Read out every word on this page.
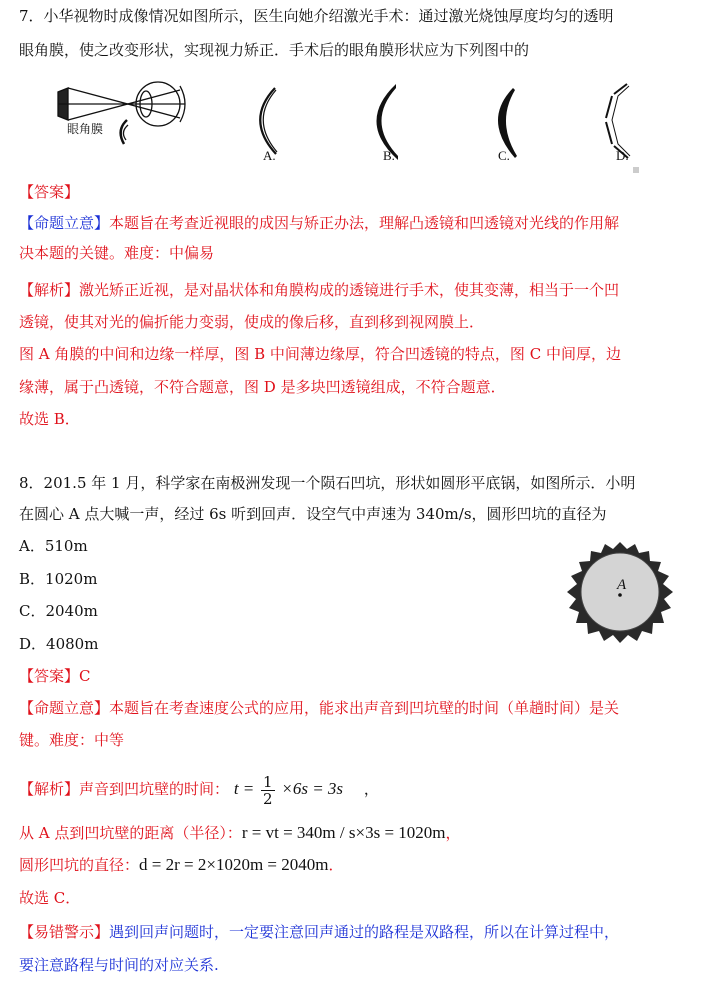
7．小华视物时成像情况如图所示，医生向她介绍激光手术：通过激光烧蚀厚度均匀的透明
眼角膜，使之改变形状，实现视力矫正．手术后的眼角膜形状应为下列图中的
眼角膜
A.	B.	C.	D.
【答案】
【命题立意】本题旨在考查近视眼的成因与矫正办法，理解凸透镜和凹透镜对光线的作用解
决本题的关键。难度：中偏易
【解析】激光矫正近视，是对晶状体和角膜构成的透镜进行手术，使其变薄，相当于一个凹
透镜，使其对光的偏折能力变弱，使成的像后移，直到移到视网膜上．
图 A 角膜的中间和边缘一样厚，图 B 中间薄边缘厚，符合凹透镜的特点，图 C 中间厚，边
缘薄，属于凸透镜，不符合题意，图 D 是多块凹透镜组成，不符合题意．
故选 B．
8．201.5 年 1 月，科学家在南极洲发现一个陨石凹坑，形状如圆形平底锅，如图所示．小明
在圆心 A 点大喊一声，经过 6s 听到回声．设空气中声速为 340m/s，圆形凹坑的直径为
A．510m
B．1020m
C．2040m
D．4080m
A
【答案】C
【命题立意】本题旨在考查速度公式的应用，能求出声音到凹坑壁的时间（单趟时间）是关
键。难度：中等
【解析】声音到凹坑壁的时间： $t = \frac{1}{2} \times 6s = 3s$ ，
从 A 点到凹坑壁的距离（半径）：r = vt = 340m / s×3s = 1020m，
圆形凹坑的直径：d = 2r = 2×1020m = 2040m．
故选 C．
【易错警示】遇到回声问题时，一定要注意回声通过的路程是双路程，所以在计算过程中，
要注意路程与时间的对应关系.
